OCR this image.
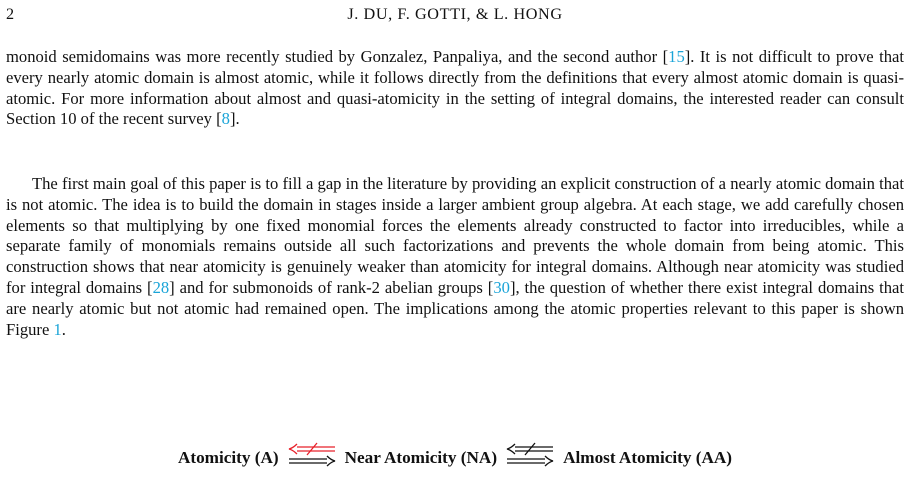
2	J. DU, F. GOTTI, & L. HONG

monoid semidomains was more recently studied by Gonzalez, Panpaliya, and the second author [15]. It is not difficult to prove that every nearly atomic domain is almost atomic, while it follows directly from the definitions that every almost atomic domain is quasi-atomic. For more information about almost and quasi-atomicity in the setting of integral domains, the interested reader can consult Section 10 of the recent survey [8].

The first main goal of this paper is to fill a gap in the literature by providing an explicit construction of a nearly atomic domain that is not atomic. The idea is to build the domain in stages inside a larger ambient group algebra. At each stage, we add carefully chosen elements so that multiplying by one fixed monomial forces the elements already constructed to factor into irreducibles, while a separate family of monomials remains outside all such factorizations and prevents the whole domain from being atomic. This construction shows that near atomicity is genuinely weaker than atomicity for integral domains. Although near atomicity was studied for integral domains [28] and for submonoids of rank-2 abelian groups [30], the question of whether there exist integral domains that are nearly atomic but not atomic had remained open. The implications among the atomic properties relevant to this paper is shown Figure 1.

Atomicity (A)	Near Atomicity (NA)	Almost Atomicity (AA)
